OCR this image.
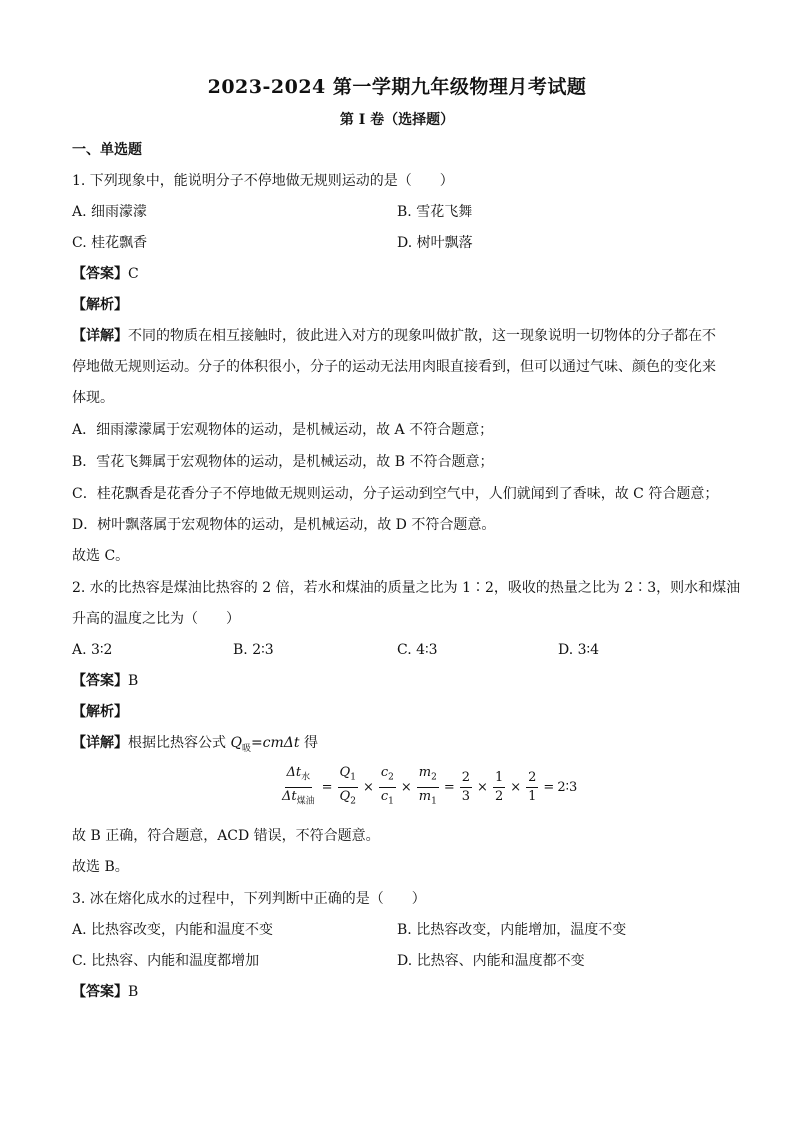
2023-2024 第一学期九年级物理月考试题
第 I 卷（选择题）
一、单选题
1. 下列现象中，能说明分子不停地做无规则运动的是（　　）
A. 细雨濛濛	B. 雪花飞舞
C. 桂花飘香	D. 树叶飘落
【答案】C
【解析】
【详解】不同的物质在相互接触时，彼此进入对方的现象叫做扩散，这一现象说明一切物体的分子都在不
停地做无规则运动。分子的体积很小，分子的运动无法用肉眼直接看到，但可以通过气味、颜色的变化来
体现。
A．细雨濛濛属于宏观物体的运动，是机械运动，故 A 不符合题意；
B．雪花飞舞属于宏观物体的运动，是机械运动，故 B 不符合题意；
C．桂花飘香是花香分子不停地做无规则运动，分子运动到空气中，人们就闻到了香味，故 C 符合题意；
D．树叶飘落属于宏观物体的运动，是机械运动，故 D 不符合题意。
故选 C。
2. 水的比热容是煤油比热容的 2 倍，若水和煤油的质量之比为 1∶2，吸收的热量之比为 2∶3，则水和煤油
升高的温度之比为（　　）
A. 3∶2	B. 2∶3	C. 4∶3	D. 3∶4
【答案】B
【解析】
【详解】根据比热容公式 $Q_吸=cm\Delta t$ 得
$\frac{\Delta t_水}{\Delta t_{煤油}} = \frac{Q_1}{Q_2} \times \frac{c_2}{c_1} \times \frac{m_2}{m_1} = \frac{2}{3} \times \frac{1}{2} \times \frac{2}{1}$ = 2∶3
故 B 正确，符合题意，ACD 错误，不符合题意。
故选 B。
3. 冰在熔化成水的过程中，下列判断中正确的是（　　）
A. 比热容改变，内能和温度不变	B. 比热容改变，内能增加，温度不变
C. 比热容、内能和温度都增加	D. 比热容、内能和温度都不变
【答案】B
